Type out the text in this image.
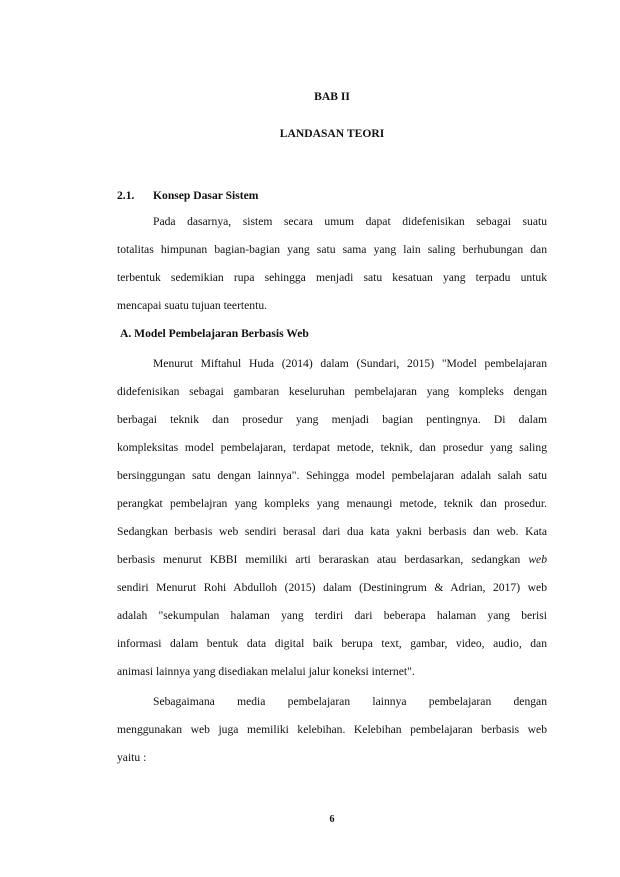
BAB II

LANDASAN TEORI

2.1. Konsep Dasar Sistem

Pada dasarnya, sistem secara umum dapat didefenisikan sebagai suatu

totalitas himpunan bagian-bagian yang satu sama yang lain saling berhubungan dan

terbentuk sedemikian rupa sehingga menjadi satu kesatuan yang terpadu untuk

mencapai suatu tujuan teertentu.

A. Model Pembelajaran Berbasis Web

Menurut Miftahul Huda (2014) dalam (Sundari, 2015) "Model pembelajaran

didefenisikan sebagai gambaran keseluruhan pembelajaran yang kompleks dengan

berbagai teknik dan prosedur yang menjadi bagian pentingnya. Di dalam

kompleksitas model pembelajaran, terdapat metode, teknik, dan prosedur yang saling

bersinggungan satu dengan lainnya". Sehingga model pembelajaran adalah salah satu

perangkat pembelajran yang kompleks yang menaungi metode, teknik dan prosedur.

Sedangkan berbasis web sendiri berasal dari dua kata yakni berbasis dan web. Kata

berbasis menurut KBBI memiliki arti beraraskan atau berdasarkan, sedangkan web

sendiri Menurut Rohi Abdulloh (2015) dalam (Destiningrum & Adrian, 2017) web

adalah "sekumpulan halaman yang terdiri dari beberapa halaman yang berisi

informasi dalam bentuk data digital baik berupa text, gambar, video, audio, dan

animasi lainnya yang disediakan melalui jalur koneksi internet".

Sebagaimana media pembelajaran lainnya pembelajaran dengan

menggunakan web juga memiliki kelebihan. Kelebihan pembelajaran berbasis web

yaitu :

6
